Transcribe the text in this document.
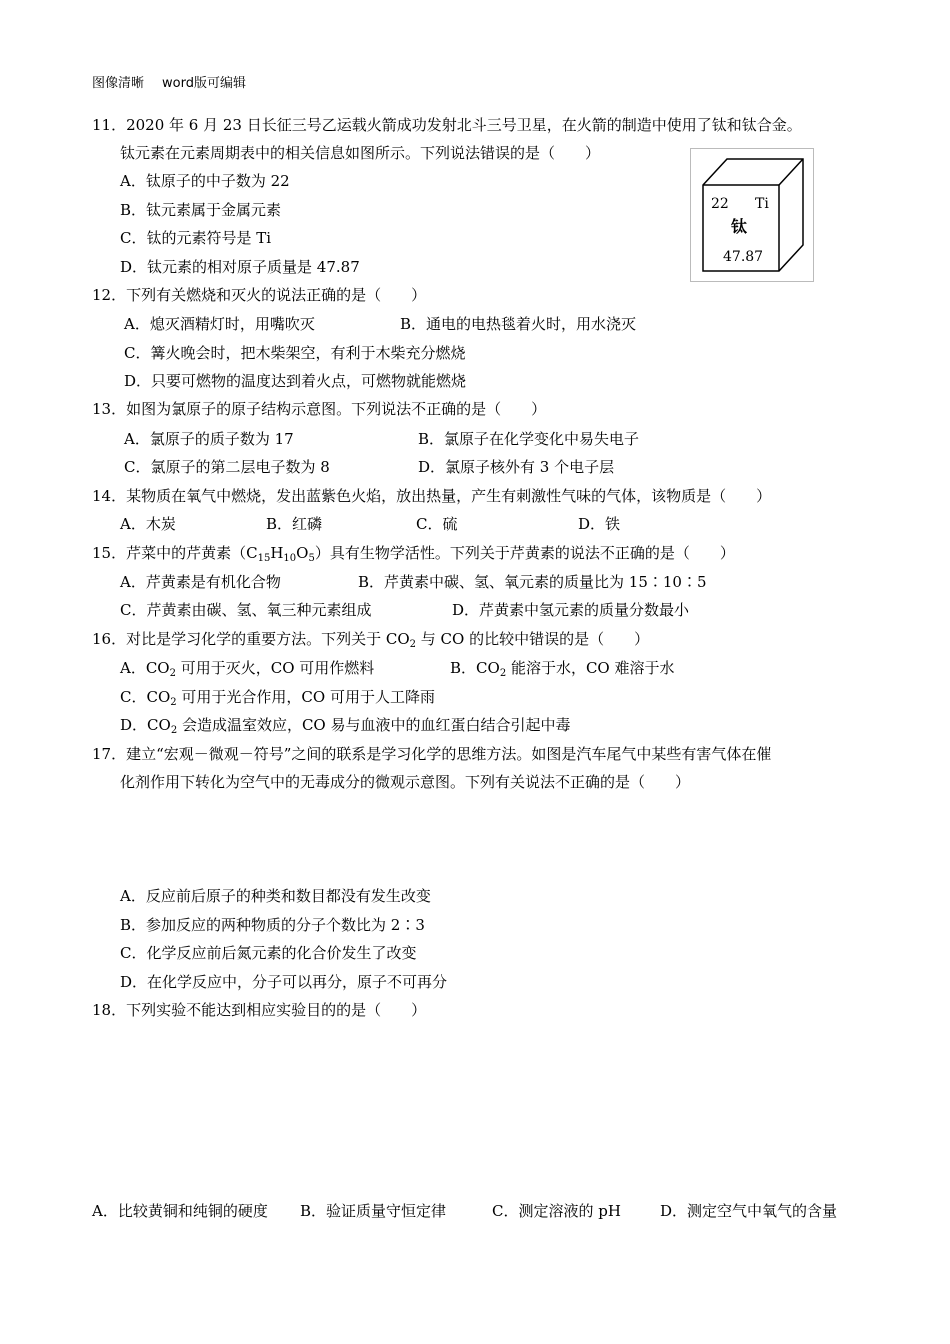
图像清晰 word版可编辑
11．2020 年 6 月 23 日长征三号乙运载火箭成功发射北斗三号卫星，在火箭的制造中使用了钛和钛合金。
钛元素在元素周期表中的相关信息如图所示。下列说法错误的是（　　）
A．钛原子的中子数为 22
B．钛元素属于金属元素
C．钛的元素符号是 Ti
D．钛元素的相对原子质量是 47.87
22 Ti
钛
47.87
12．下列有关燃烧和灭火的说法正确的是（　　）
A．熄灭酒精灯时，用嘴吹灭	B．通电的电热毯着火时，用水浇灭
C．篝火晚会时，把木柴架空，有利于木柴充分燃烧
D．只要可燃物的温度达到着火点，可燃物就能燃烧
13．如图为氯原子的原子结构示意图。下列说法不正确的是（　　）
A．氯原子的质子数为 17	B．氯原子在化学变化中易失电子
C．氯原子的第二层电子数为 8	D．氯原子核外有 3 个电子层
14．某物质在氧气中燃烧，发出蓝紫色火焰，放出热量，产生有刺激性气味的气体，该物质是（　　）
A．木炭	B．红磷	C．硫	D．铁
15．芹菜中的芹黄素$(C_{15}H_{10}O_5)$具有生物学活性。下列关于芹黄素的说法不正确的是（　　）
A．芹黄素是有机化合物	B．芹黄素中碳、氢、氧元素的质量比为 15∶10∶5
C．芹黄素由碳、氢、氧三种元素组成	D．芹黄素中氢元素的质量分数最小
16．对比是学习化学的重要方法。下列关于 $CO_2$ 与 CO 的比较中错误的是（　　）
A．$CO_2$ 可用于灭火，CO 可用作燃料	B．$CO_2$ 能溶于水，CO 难溶于水
C．$CO_2$ 可用于光合作用，CO 可用于人工降雨
D．$CO_2$ 会造成温室效应，CO 易与血液中的血红蛋白结合引起中毒
17．建立“宏观－微观－符号”之间的联系是学习化学的思维方法。如图是汽车尾气中某些有害气体在催
化剂作用下转化为空气中的无毒成分的微观示意图。下列有关说法不正确的是（　　）
A．反应前后原子的种类和数目都没有发生改变
B．参加反应的两种物质的分子个数比为 2∶3
C．化学反应前后氮元素的化合价发生了改变
D．在化学反应中，分子可以再分，原子不可再分
18．下列实验不能达到相应实验目的的是（　　）
A．比较黄铜和纯铜的硬度 B．验证质量守恒定律	C．测定溶液的 pH	D．测定空气中氧气的含量
